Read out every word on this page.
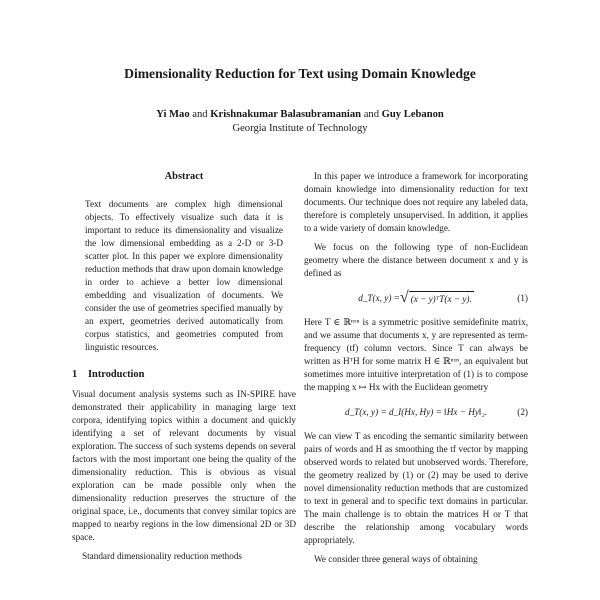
Dimensionality Reduction for Text using Domain Knowledge
Yi Mao and Krishnakumar Balasubramanian and Guy Lebanon
Georgia Institute of Technology
Abstract

Text documents are complex high dimensional objects. To effectively visualize such data it is important to reduce its dimensionality and visualize the low dimensional embedding as a 2-D or 3-D scatter plot. In this paper we explore dimensionality reduction methods that draw upon domain knowledge in order to achieve a better low dimensional embedding and visualization of documents. We consider the use of geometries specified manually by an expert, geometries derived automatically from corpus statistics, and geometries computed from linguistic resources.

1 Introduction

Visual document analysis systems such as IN-SPIRE have demonstrated their applicability in managing large text corpora, identifying topics within a document and quickly identifying a set of relevant documents by visual exploration. The success of such systems depends on several factors with the most important one being the quality of the dimensionality reduction. This is obvious as visual exploration can be made possible only when the dimensionality reduction preserves the structure of the original space, i.e., documents that convey similar topics are mapped to nearby regions in the low dimensional 2D or 3D space.

Standard dimensionality reduction methods

In this paper we introduce a framework for incorporating domain knowledge into dimensionality reduction for text documents. Our technique does not require any labeled data, therefore is completely unsupervised. In addition, it applies to a wide variety of domain knowledge.

We focus on the following type of non-Euclidean geometry where the distance between document x and y is defined as

d_T(x, y) = √ (x − y)ᵀT(x − y).	(1)

Here T ∈ ℝⁿˣⁿ is a symmetric positive semidefinite matrix, and we assume that documents x, y are represented as term-frequency (tf) column vectors. Since T can always be written as HᵀH for some matrix H ∈ ℝⁿˣⁿ, an equivalent but sometimes more intuitive interpretation of (1) is to compose the mapping x ↦ Hx with the Euclidean geometry

d_T(x, y) = d_I(Hx, Hy) = ‖Hx − Hy‖₂.	(2)

We can view T as encoding the semantic similarity between pairs of words and H as smoothing the tf vector by mapping observed words to related but unobserved words. Therefore, the geometry realized by (1) or (2) may be used to derive novel dimensionality reduction methods that are customized to text in general and to specific text domains in particular. The main challenge is to obtain the matrices H or T that describe the relationship among vocabulary words appropriately.

We consider three general ways of obtaining
